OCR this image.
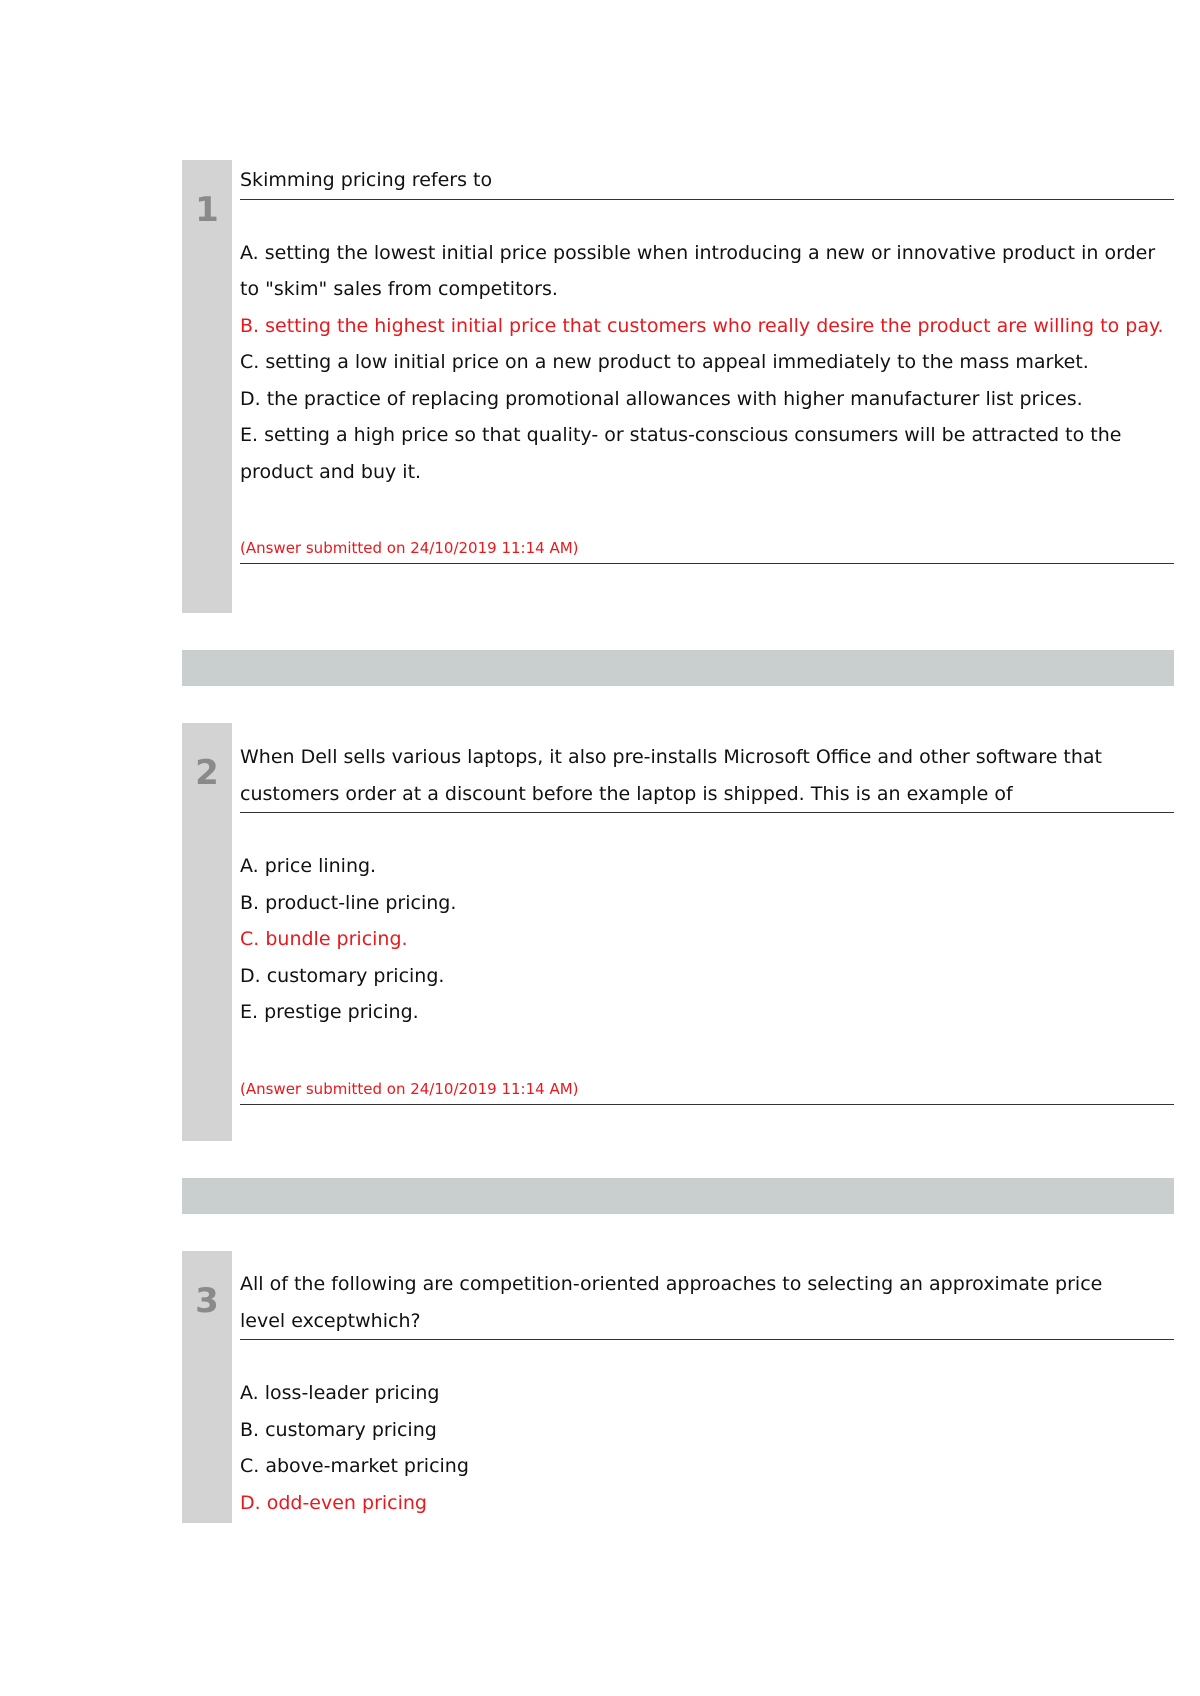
1
Skimming pricing refers to

A. setting the lowest initial price possible when introducing a new or innovative product in order to "skim" sales from competitors.

B. setting the highest initial price that customers who really desire the product are willing to pay.

C. setting a low initial price on a new product to appeal immediately to the mass market.

D. the practice of replacing promotional allowances with higher manufacturer list prices.

E. setting a high price so that quality- or status-conscious consumers will be attracted to the product and buy it.

(Answer submitted on 24/10/2019 11:14 AM)
2	When Dell sells various laptops, it also pre-installs Microsoft Office and other software that customers order at a discount before the laptop is shipped. This is an example of

A. price lining.

B. product-line pricing.

C. bundle pricing.

D. customary pricing.

E. prestige pricing.

(Answer submitted on 24/10/2019 11:14 AM)
3	All of the following are competition-oriented approaches to selecting an approximate price
level exceptwhich?

A. loss-leader pricing

B. customary pricing

C. above-market pricing

D. odd-even pricing
